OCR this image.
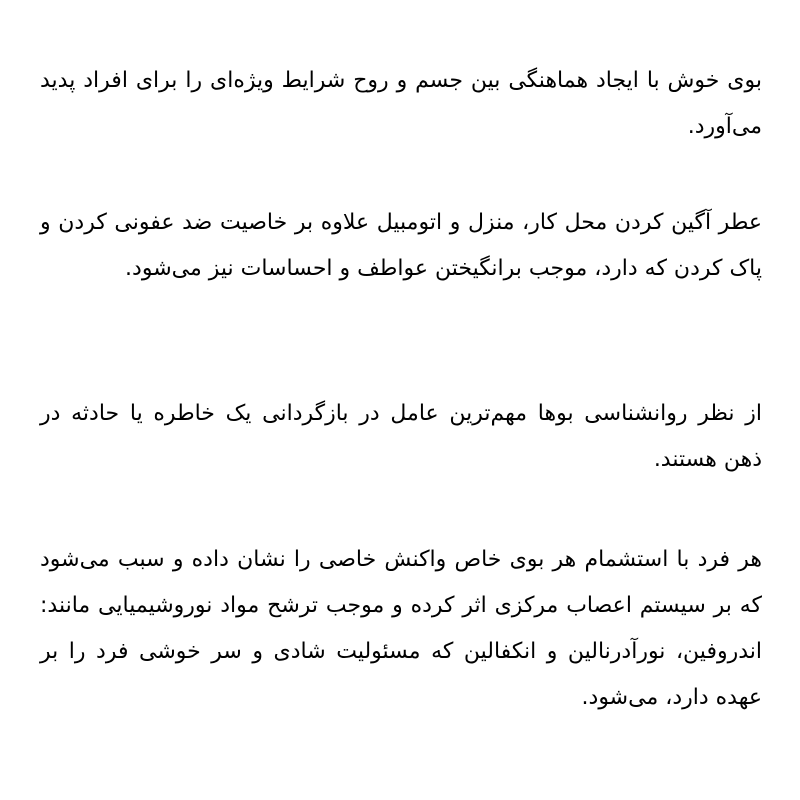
بوی خوش با ایجاد هماهنگی بین جسم و روح شرایط ویژه‌ای را برای افراد پدید می‌آورد.

عطر آگین کردن محل کار، منزل و اتومبیل علاوه بر خاصیت ضد عفونی کردن و پاک کردن که دارد، موجب برانگیختن عواطف و احساسات نیز می‌شود.

از نظر روانشناسی بوها مهم‌ترین عامل در بازگردانی یک خاطره یا حادثه در ذهن هستند.

هر فرد با استشمام هر بوی خاص واکنش خاصی را نشان داده و سبب می‌شود که بر سیستم اعصاب مرکزی اثر کرده و موجب ترشح مواد نوروشیمیایی مانند: اندروفین، نورآدرنالین و انکفالین که مسئولیت شادی و سر خوشی فرد را بر عهده دارد، می‌شود.
